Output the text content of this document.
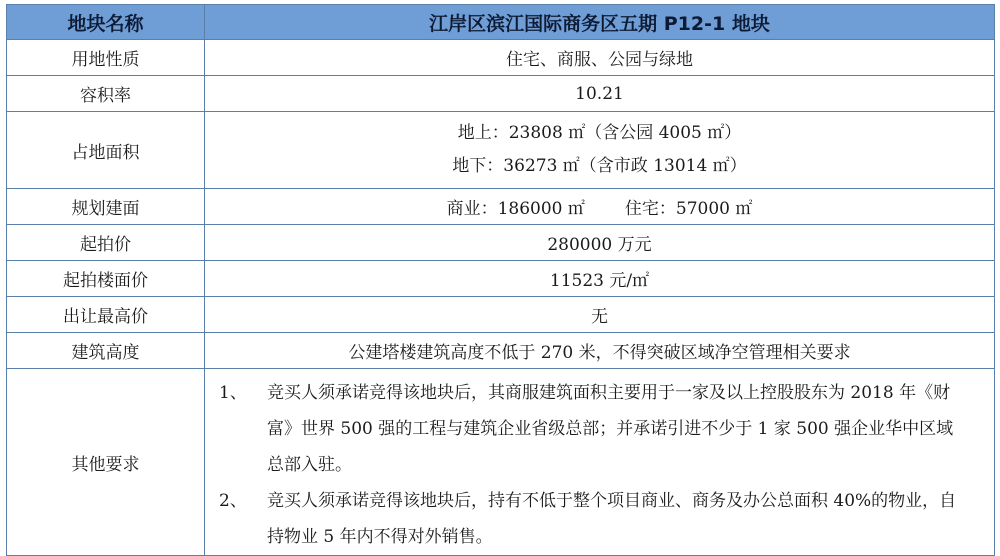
地块名称	江岸区滨江国际商务区五期 P12-1 地块
用地性质	住宅、商服、公园与绿地
容积率	10.21
占地面积	地上：23808 ㎡（含公园 4005 ㎡）
地下：36273 ㎡（含市政 13014 ㎡）

规划建面	商业：186000 ㎡ 住宅：57000 ㎡
起拍价	280000 万元
起拍楼面价	11523 元/㎡
出让最高价	无
建筑高度	公建塔楼建筑高度不低于 270 米，不得突破区域净空管理相关要求
其他要求	1、 竞买人须承诺竞得该地块后，其商服建筑面积主要用于一家及以上控股股东为 2018 年《财富》世界 500 强的工程与建筑企业省级总部；并承诺引进不少于 1 家 500 强企业华中区域总部入驻。
2、 竞买人须承诺竞得该地块后，持有不低于整个项目商业、商务及办公总面积 40%的物业，自持物业 5 年内不得对外销售。
